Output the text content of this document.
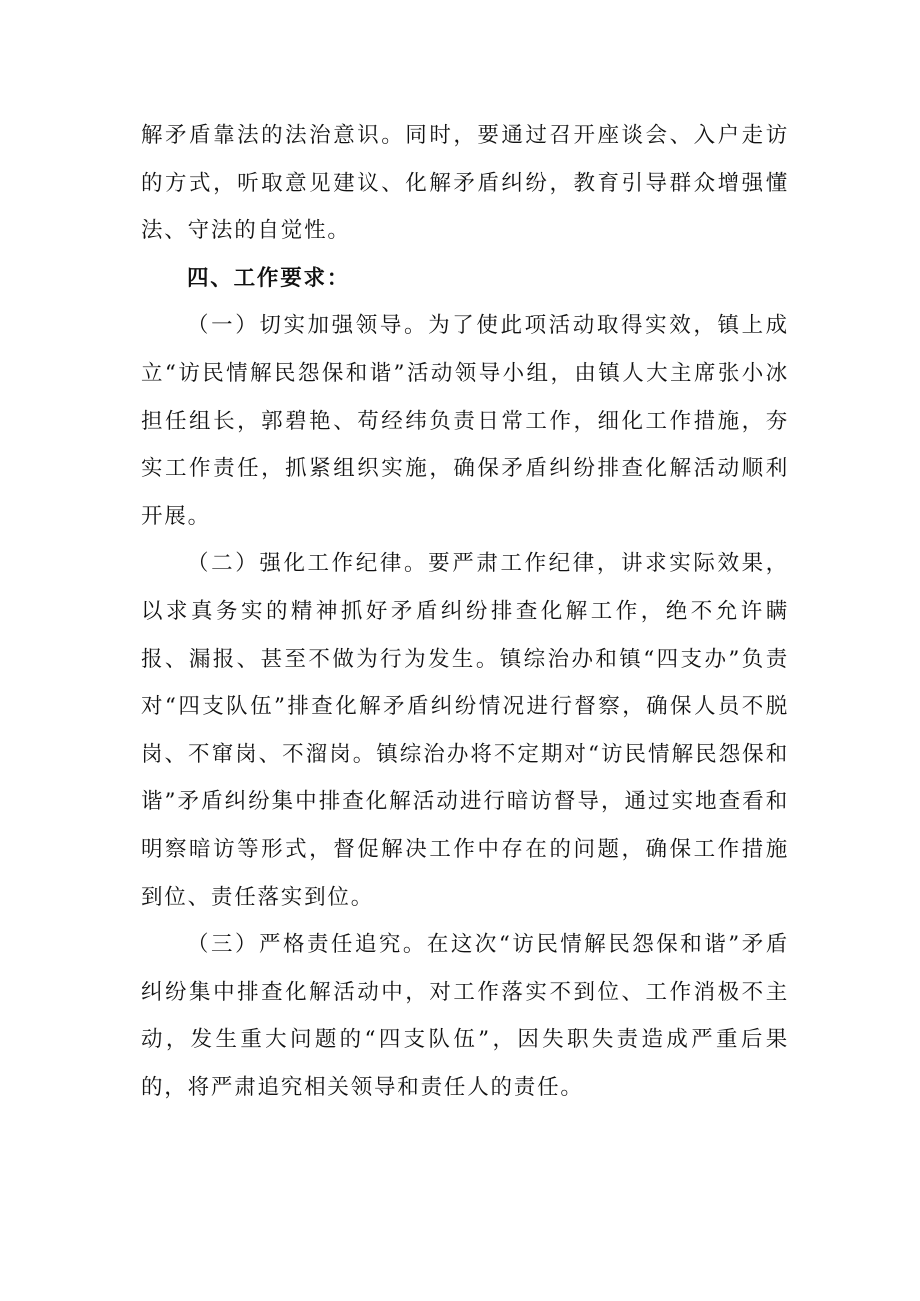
解矛盾靠法的法治意识。同时，要通过召开座谈会、入户走访的方式，听取意见建议、化解矛盾纠纷，教育引导群众增强懂法、守法的自觉性。

四、工作要求：

（一）切实加强领导。为了使此项活动取得实效，镇上成立“访民情解民怨保和谐”活动领导小组，由镇人大主席张小冰担任组长，郭碧艳、苟经纬负责日常工作，细化工作措施，夯实工作责任，抓紧组织实施，确保矛盾纠纷排查化解活动顺利开展。

（二）强化工作纪律。要严肃工作纪律，讲求实际效果，以求真务实的精神抓好矛盾纠纷排查化解工作，绝不允许瞒报、漏报、甚至不做为行为发生。镇综治办和镇“四支办”负责对“四支队伍”排查化解矛盾纠纷情况进行督察，确保人员不脱岗、不窜岗、不溜岗。镇综治办将不定期对“访民情解民怨保和谐”矛盾纠纷集中排查化解活动进行暗访督导，通过实地查看和明察暗访等形式，督促解决工作中存在的问题，确保工作措施到位、责任落实到位。

（三）严格责任追究。在这次“访民情解民怨保和谐”矛盾纠纷集中排查化解活动中，对工作落实不到位、工作消极不主动，发生重大问题的“四支队伍”，因失职失责造成严重后果的，将严肃追究相关领导和责任人的责任。
